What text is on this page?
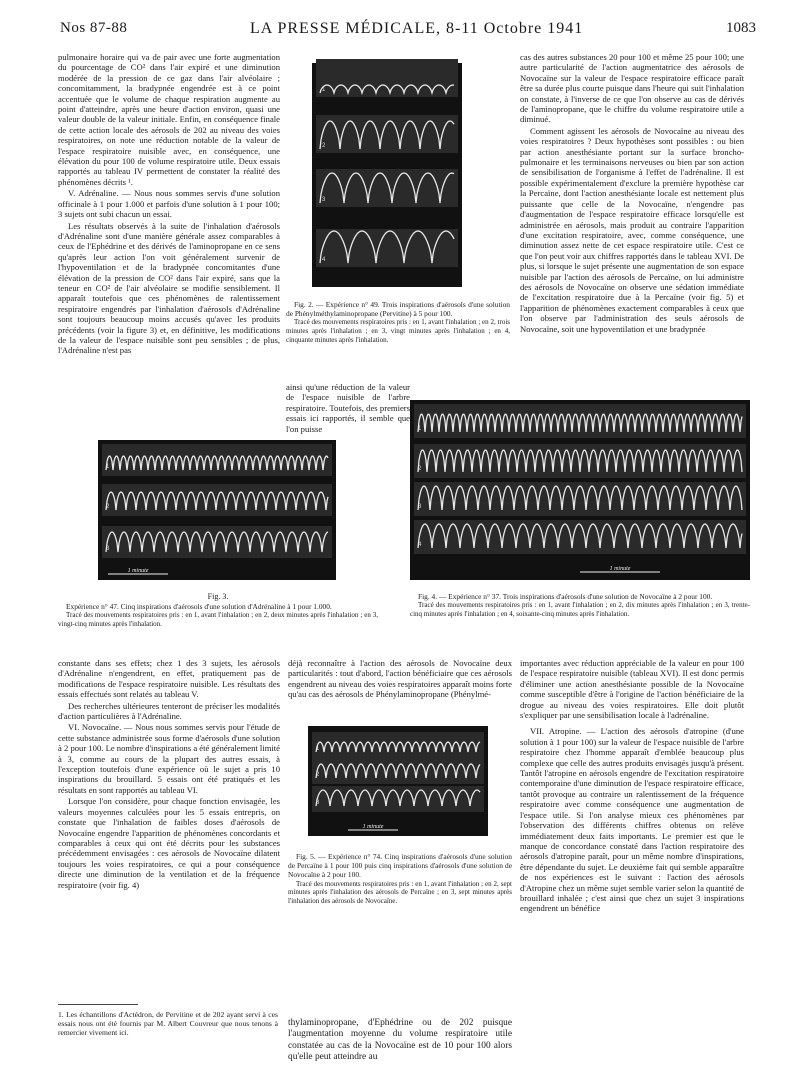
Nos 87-88	LA PRESSE MÉDICALE, 8-11 Octobre 1941	1083

pulmonaire horaire qui va de pair avec une forte augmentation du pourcentage de CO² dans l'air expiré et une diminution modérée de la pression de ce gaz dans l'air alvéolaire ; concomitamment, la bradypnée engendrée est à ce point accentuée que le volume de chaque respiration augmente au point d'atteindre, après une heure d'action environ, quasi une valeur double de la valeur initiale. Enfin, en conséquence finale de cette action locale des aérosols de 202 au niveau des voies respiratoires, on note une réduction notable de la valeur de l'espace respiratoire nuisible avec, en conséquence, une élévation du pour 100 de volume respiratoire utile. Deux essais rapportés au tableau IV permettent de constater la réalité des phénomènes décrits ¹.

V. Adrénaline. — Nous nous sommes servis d'une solution officinale à 1 pour 1.000 et parfois d'une solution à 1 pour 100; 3 sujets ont subi chacun un essai.

Les résultats observés à la suite de l'inhalation d'aérosols d'Adrénaline sont d'une manière générale assez comparables à ceux de l'Ephédrine et des dérivés de l'aminopropane en ce sens qu'après leur action l'on voit généralement survenir de l'hypoventilation et de la bradypnée concomitantes d'une élévation de la pression de CO² dans l'air expiré, sans que la teneur en CO² de l'air alvéolaire se modifie sensiblement. Il apparaît toutefois que ces phénomènes de ralentissement respiratoire engendrés par l'inhalation d'aérosols d'Adrénaline sont toujours beaucoup moins accusés qu'avec les produits précédents (voir la figure 3) et, en définitive, les modifications de la valeur de l'espace nuisible sont peu sensibles ; de plus, l'Adrénaline n'est pas

1
2
3
4
Fig. 2. — Expérience n° 49. Trois inspirations d'aérosols d'une solution de Phénylméthylaminopropane (Pervitine) à 5 pour 100.
Tracé des mouvements respiratoires pris : en 1, avant l'inhalation ; en 2, trois minutes après l'inhalation ; en 3, vingt minutes après l'inhalation ; en 4, cinquante minutes après l'inhalation.

ainsi qu'une réduction de la valeur de l'espace nuisible de l'arbre respiratoire. Toutefois, des premiers essais ici rapportés, il semble que l'on puisse

cas des autres substances 20 pour 100 et même 25 pour 100; une autre particularité de l'action augmentatrice des aérosols de Novocaïne sur la valeur de l'espace respiratoire efficace paraît être sa durée plus courte puisque dans l'heure qui suit l'inhalation on constate, à l'inverse de ce que l'on observe au cas de dérivés de l'aminopropane, que le chiffre du volume respiratoire utile a diminué.

Comment agissent les aérosols de Novocaïne au niveau des voies respiratoires ? Deux hypothèses sont possibles : ou bien par action anesthésiante portant sur la surface broncho-pulmonaire et les terminaisons nerveuses ou bien par son action de sensibilisation de l'organisme à l'effet de l'adrénaline. Il est possible expérimentalement d'exclure la première hypothèse car la Percaïne, dont l'action anesthésiante locale est nettement plus puissante que celle de la Novocaïne, n'engendre pas d'augmentation de l'espace respiratoire efficace lorsqu'elle est administrée en aérosols, mais produit au contraire l'apparition d'une excitation respiratoire, avec, comme conséquence, une diminution assez nette de cet espace respiratoire utile. C'est ce que l'on peut voir aux chiffres rapportés dans le tableau XVI. De plus, si lorsque le sujet présente une augmentation de son espace nuisible par l'action des aérosols de Percaïne, on lui administre des aérosols de Novocaïne on observe une sédation immédiate de l'excitation respiratoire due à la Percaïne (voir fig. 5) et l'apparition de phénomènes exactement comparables à ceux que l'on observe par l'administration des seuls aérosols de Novocaïne, soit une hypoventilation et une bradypnée

1
2
3
1 minute
Fig. 3.
Expérience n° 47. Cinq inspirations d'aérosols d'une solution d'Adrénaline à 1 pour 1.000.
Tracé des mouvements respiratoires pris : en 1, avant l'inhalation ; en 2, deux minutes après l'inhalation ; en 3, vingt-cinq minutes après l'inhalation.
1
2
3
4
1 minute
Fig. 4. — Expérience n° 37. Trois inspirations d'aérosols d'une solution de Novocaïne à 2 pour 100.
Tracé des mouvements respiratoires pris : en 1, avant l'inhalation ; en 2, dix minutes après l'inhalation ; en 3, trente-cinq minutes après l'inhalation ; en 4, soixante-cinq minutes après l'inhalation.

constante dans ses effets; chez 1 des 3 sujets, les aérosols d'Adrénaline n'engendrent, en effet, pratiquement pas de modifications de l'espace respiratoire nuisible. Les résultats des essais effectués sont relatés au tableau V.

Des recherches ultérieures tenteront de préciser les modalités d'action particulières à l'Adrénaline.

VI. Novocaïne. — Nous nous sommes servis pour l'étude de cette substance administrée sous forme d'aérosols d'une solution à 2 pour 100. Le nombre d'inspirations a été généralement limité à 3, comme au cours de la plupart des autres essais, à l'exception toutefois d'une expérience où le sujet a pris 10 inspirations du brouillard. 5 essais ont été pratiqués et les résultats en sont rapportés au tableau VI.

Lorsque l'on considère, pour chaque fonction envisagée, les valeurs moyennes calculées pour les 5 essais entrepris, on constate que l'inhalation de faibles doses d'aérosols de Novocaïne engendre l'apparition de phénomènes concordants et comparables à ceux qui ont été décrits pour les substances précédemment envisagées : ces aérosols de Novocaïne dilatent toujours les voies respiratoires, ce qui a pour conséquence directe une diminution de la ventilation et de la fréquence respiratoire (voir fig. 4)

1. Les échantillons d'Actédron, de Pervitine et de 202 ayant servi à ces essais nous ont été fournis par M. Albert Couvreur que nous tenons à remercier vivement ici.

déjà reconnaître à l'action des aérosols de Novocaïne deux particularités : tout d'abord, l'action bénéficiaire que ces aérosols engendrent au niveau des voies respiratoires apparaît moins forte qu'au cas des aérosols de Phénylaminopropane (Phénylmé-

1
2
3
1 minute
Fig. 5. — Expérience n° 74. Cinq inspirations d'aérosols d'une solution de Percaïne à 1 pour 100 puis cinq inspirations d'aérosols d'une solution de Novocaïne à 2 pour 100.
Tracé des mouvements respiratoires pris : en 1, avant l'inhalation ; en 2, sept minutes après l'inhalation des aérosols de Percaïne ; en 3, sept minutes après l'inhalation des aérosols de Novocaïne.

thylaminopropane, d'Ephédrine ou de 202 puisque l'augmentation moyenne du volume respiratoire utile constatée au cas de la Novocaïne est de 10 pour 100 alors qu'elle peut atteindre au

importantes avec réduction appréciable de la valeur en pour 100 de l'espace respiratoire nuisible (tableau XVI). Il est donc permis d'éliminer une action anesthésiante possible de la Novocaïne comme susceptible d'être à l'origine de l'action bénéficiaire de la drogue au niveau des voies respiratoires. Elle doit plutôt s'expliquer par une sensibilisation locale à l'adrénaline.

VII. Atropine. — L'action des aérosols d'atropine (d'une solution à 1 pour 100) sur la valeur de l'espace nuisible de l'arbre respiratoire chez l'homme apparaît d'emblée beaucoup plus complexe que celle des autres produits envisagés jusqu'à présent. Tantôt l'atropine en aérosols engendre de l'excitation respiratoire contemporaine d'une diminution de l'espace respiratoire efficace, tantôt provoque au contraire un ralentissement de la fréquence respiratoire avec comme conséquence une augmentation de l'espace utile. Si l'on analyse mieux ces phénomènes par l'observation des différents chiffres obtenus on relève immédiatement deux faits importants. Le premier est que le manque de concordance constaté dans l'action respiratoire des aérosols d'atropine paraît, pour un même nombre d'inspirations, être dépendante du sujet. Le deuxième fait qui semble apparaître de nos expériences est le suivant : l'action des aérosols d'Atropine chez un même sujet semble varier selon la quantité de brouillard inhalée ; c'est ainsi que chez un sujet 3 inspirations engendrent un bénéfice
